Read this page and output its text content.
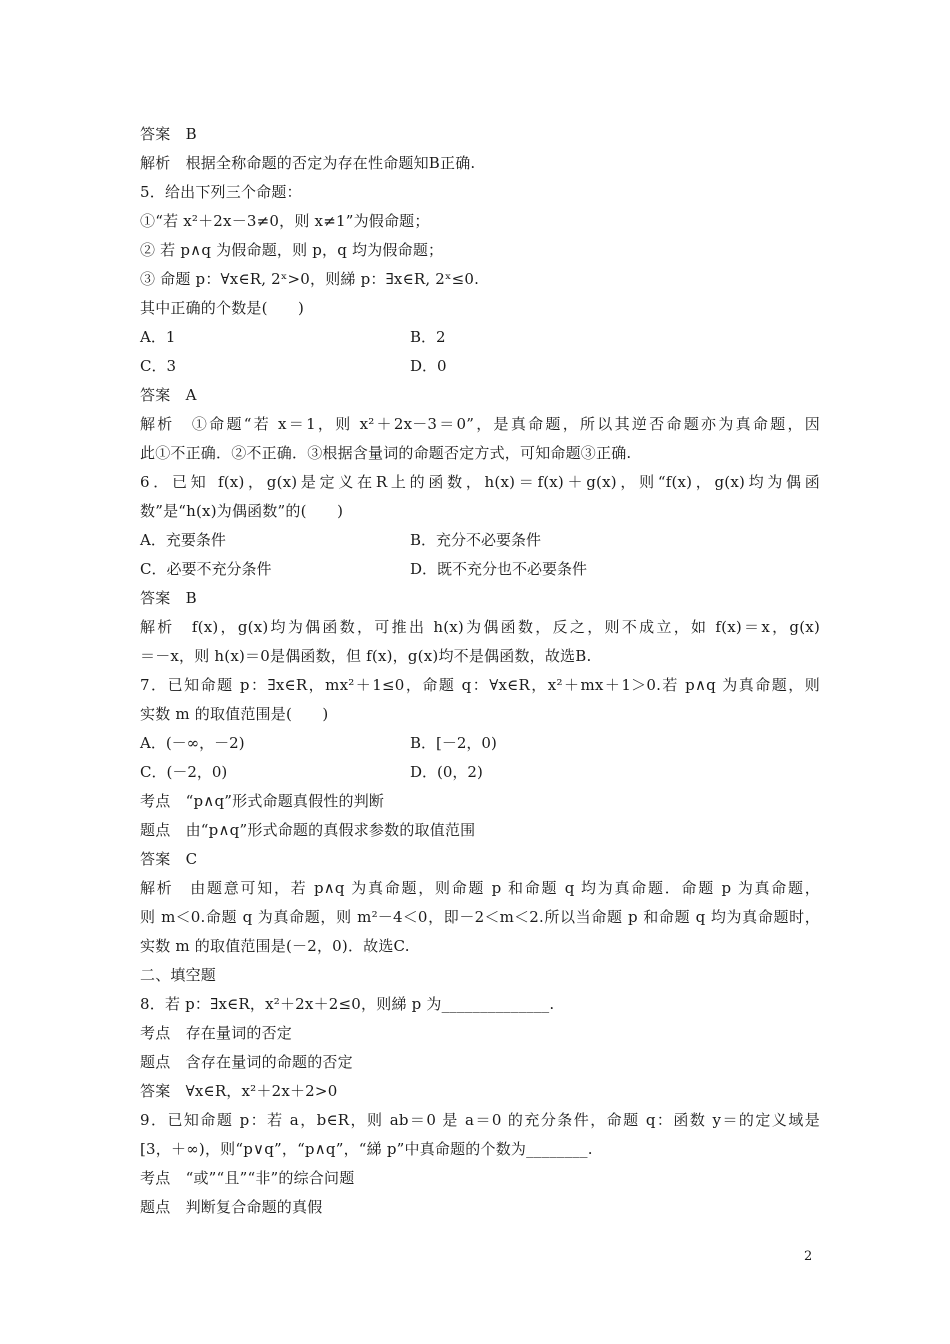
答案　B
解析　根据全称命题的否定为存在性命题知B正确.
5．给出下列三个命题：
①“若 x²＋2x－3≠0，则 x≠1”为假命题；
② 若 p∧q 为假命题，则 p，q 均为假命题；
③ 命题 p：∀x∈R, 2ˣ>0，则綈 p：∃x∈R, 2ˣ≤0.
其中正确的个数是(　　)
A．1	B．2
C．3	D．0
答案　A
解析　①命题“若 x＝1，则 x²＋2x－3＝0”，是真命题，所以其逆否命题亦为真命题，因
此①不正确．②不正确．③根据含量词的命题否定方式，可知命题③正确.
6．已知 f(x)，g(x)是定义在R上的函数，h(x)＝f(x)＋g(x)，则“f(x)，g(x)均为偶函
数”是“h(x)为偶函数”的(　　)
A．充要条件	B．充分不必要条件
C．必要不充分条件	D．既不充分也不必要条件
答案　B
解析　f(x)，g(x)均为偶函数，可推出 h(x)为偶函数，反之，则不成立，如 f(x)＝x，g(x)
＝－x，则 h(x)＝0是偶函数，但 f(x)，g(x)均不是偶函数，故选B.
7．已知命题 p：∃x∈R，mx²＋1≤0，命题 q：∀x∈R，x²＋mx＋1＞0.若 p∧q 为真命题，则
实数 m 的取值范围是(　　)
A．(－∞，－2)	B．[－2，0)
C．(－2，0)	D．(0，2)
考点　“p∧q”形式命题真假性的判断
题点　由“p∧q”形式命题的真假求参数的取值范围
答案　C
解析　由题意可知，若 p∧q 为真命题，则命题 p 和命题 q 均为真命题．命题 p 为真命题，
则 m＜0.命题 q 为真命题，则 m²－4＜0，即－2＜m＜2.所以当命题 p 和命题 q 均为真命题时，
实数 m 的取值范围是(－2，0)．故选C.
二、填空题
8．若 p：∃x∈R，x²＋2x＋2≤0，则綈 p 为______________.
考点　存在量词的否定
题点　含存在量词的命题的否定
答案　∀x∈R，x²＋2x＋2>0
9．已知命题 p：若 a，b∈R，则 ab＝0 是 a＝0 的充分条件，命题 q：函数 y＝的定义域是
[3，＋∞)，则“p∨q”，“p∧q”，“綈 p”中真命题的个数为________.
考点　“或”“且”“非”的综合问题
题点　判断复合命题的真假
2
